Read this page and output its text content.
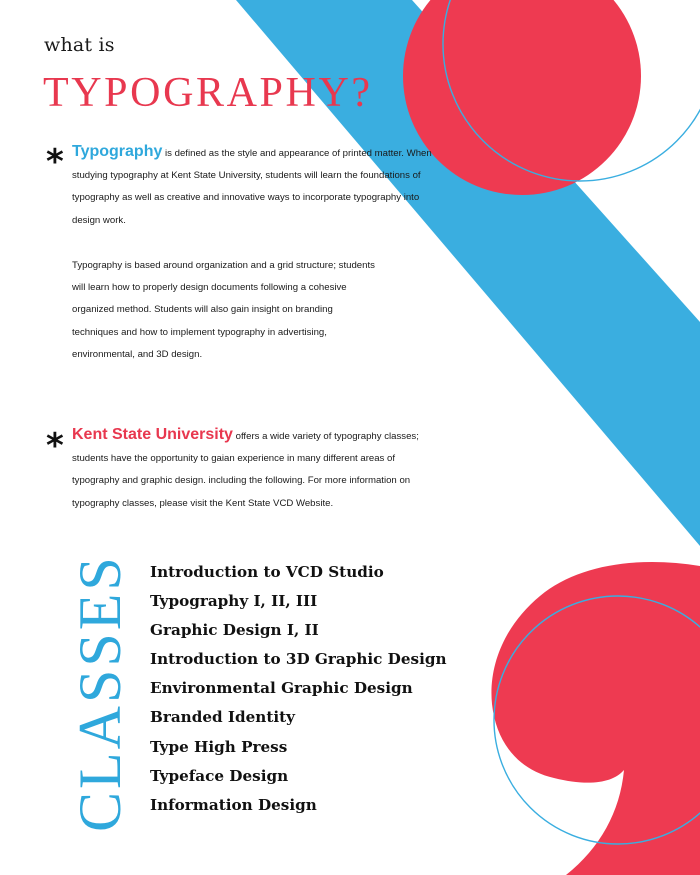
what is
TYPOGRAPHY?
* Typography is defined as the style and appearance of printed matter. When studying typography at Kent State University, students will learn the foundations of typography as well as creative and innovative ways to incorporate typography into design work.

Typography is based around organization and a grid structure; students will learn how to properly design documents following a cohesive organized method. Students will also gain insight on branding techniques and how to implement typography in advertising, environmental, and 3D design.

* Kent State University offers a wide variety of typography classes; students have the opportunity to gaian experience in many different areas of typography and graphic design. including the following. For more information on typography classes, please visit the Kent State VCD Website.

CLASSES Introduction to VCD Studio
Typography I, II, III
Graphic Design I, II
Introduction to 3D Graphic Design
Environmental Graphic Design
Branded Identity
Type High Press
Typeface Design
Information Design
